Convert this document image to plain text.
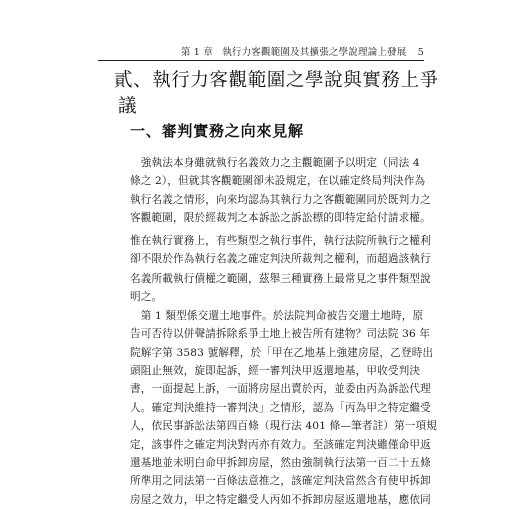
第 1 章 執行力客觀範圍及其擴張之學說理論上發展 5
貳、執行力客觀範圍之學說與實務上爭
議
一、審判實務之向來見解
　強執法本身雖就執行名義效力之主觀範圍予以明定（同法 4
條之 2），但就其客觀範圍卻未設規定，在以確定終局判決作為
執行名義之情形，向來均認為其執行力之客觀範圍同於既判力之
客觀範圍，限於經裁判之本訴訟之訴訟標的即特定給付請求權。
惟在執行實務上，有些類型之執行事件，執行法院所執行之權利
卻不限於作為執行名義之確定判決所裁判之權利，而超過該執行
名義所載執行債權之範圍，茲舉三種實務上最常見之事件類型說
明之。
　第 1 類型係交還土地事件。於法院判命被告交還土地時，原
告可否待以併聲請拆除系爭土地上被告所有建物？司法院 36 年
院解字第 3583 號解釋，於「甲在乙地基上強建房屋，乙登時出
頭阻止無效，旋即起訴，經一審判決甲返還地基，甲收受判決
書，一面提起上訴，一面將房屋出賣於丙，並委由丙為訴訟代理
人。確定判決維持一審判決」之情形，認為「丙為甲之特定繼受
人，依民事訴訟法第四百條（現行法 401 條—筆者註）第一項規
定，該事件之確定判決對丙亦有效力。至該確定判決雖僅命甲返
還基地並未明白命甲拆卸房屋，然由強制執行法第一百二十五條
所準用之同法第一百條法意推之，該確定判決當然含有使甲拆卸
房屋之效力，甲之特定繼受人丙如不拆卸房屋返還地基，應依同
